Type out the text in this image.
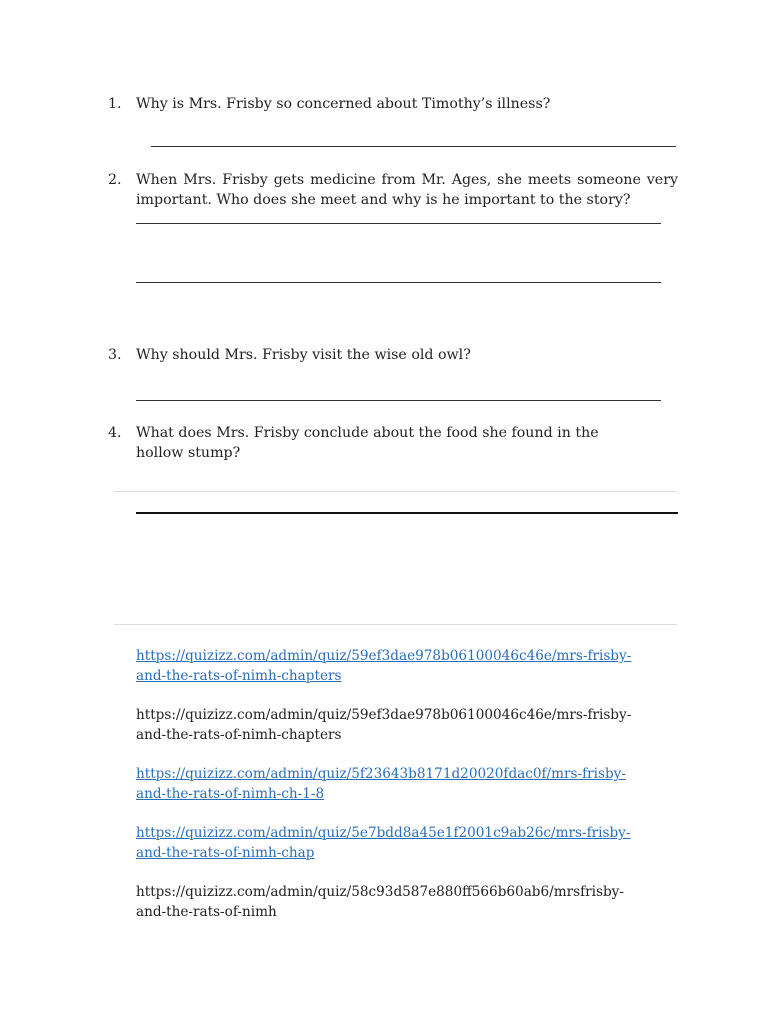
1.	Why is Mrs. Frisby so concerned about Timothy’s illness?
2.	When Mrs. Frisby gets medicine from Mr. Ages, she meets someone very important. Who does she meet and why is he important to the story?
3.	Why should Mrs. Frisby visit the wise old owl?
4.	What does Mrs. Frisby conclude about the food she found in the hollow stump?
https://quizizz.com/admin/quiz/59ef3dae978b06100046c46e/mrs-frisby-
and-the-rats-of-nimh-chapters
https://quizizz.com/admin/quiz/59ef3dae978b06100046c46e/mrs-frisby-
and-the-rats-of-nimh-chapters
https://quizizz.com/admin/quiz/5f23643b8171d20020fdac0f/mrs-frisby-
and-the-rats-of-nimh-ch-1-8
https://quizizz.com/admin/quiz/5e7bdd8a45e1f2001c9ab26c/mrs-frisby-
and-the-rats-of-nimh-chap
https://quizizz.com/admin/quiz/58c93d587e880ff566b60ab6/mrsfrisby-
and-the-rats-of-nimh
